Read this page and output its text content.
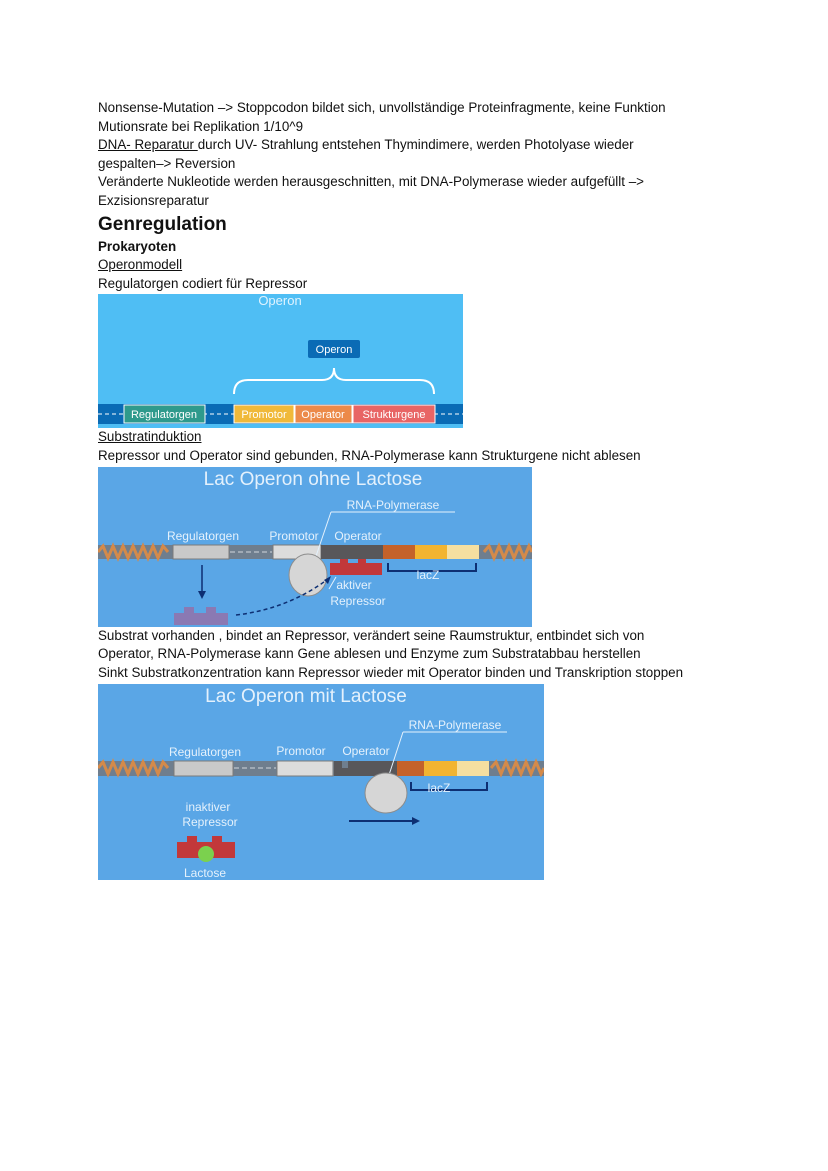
Nonsense-Mutation –> Stoppcodon bildet sich, unvollständige Proteinfragmente, keine Funktion

Mutionsrate bei Replikation 1/10^9

DNA- Reparatur durch UV- Strahlung entstehen Thymindimere, werden Photolyase wieder

gespalten–> Reversion

Veränderte Nukleotide werden herausgeschnitten, mit DNA-Polymerase wieder aufgefüllt –>

Exzisionsreparatur

Genregulation

Prokaryoten

Operonmodell

Regulatorgen codiert für Repressor

Operon
Operon
Regulatorgen	Promotor Operator Strukturgene

Substratinduktion

Repressor und Operator sind gebunden, RNA-Polymerase kann Strukturgene nicht ablesen

Lac Operon ohne Lactose
Regulatorgen	Promotor Operator
RNA-Polymerase
lacZ
aktiver
Repressor

Substrat vorhanden , bindet an Repressor, verändert seine Raumstruktur, entbindet sich von

Operator, RNA-Polymerase kann Gene ablesen und Enzyme zum Substratabbau herstellen

Sinkt Substratkonzentration kann Repressor wieder mit Operator binden und Transkription stoppen

Lac Operon mit Lactose
Regulatorgen	Promotor Operator
RNA-Polymerase
lacZ
inaktiver
Repressor
Lactose
